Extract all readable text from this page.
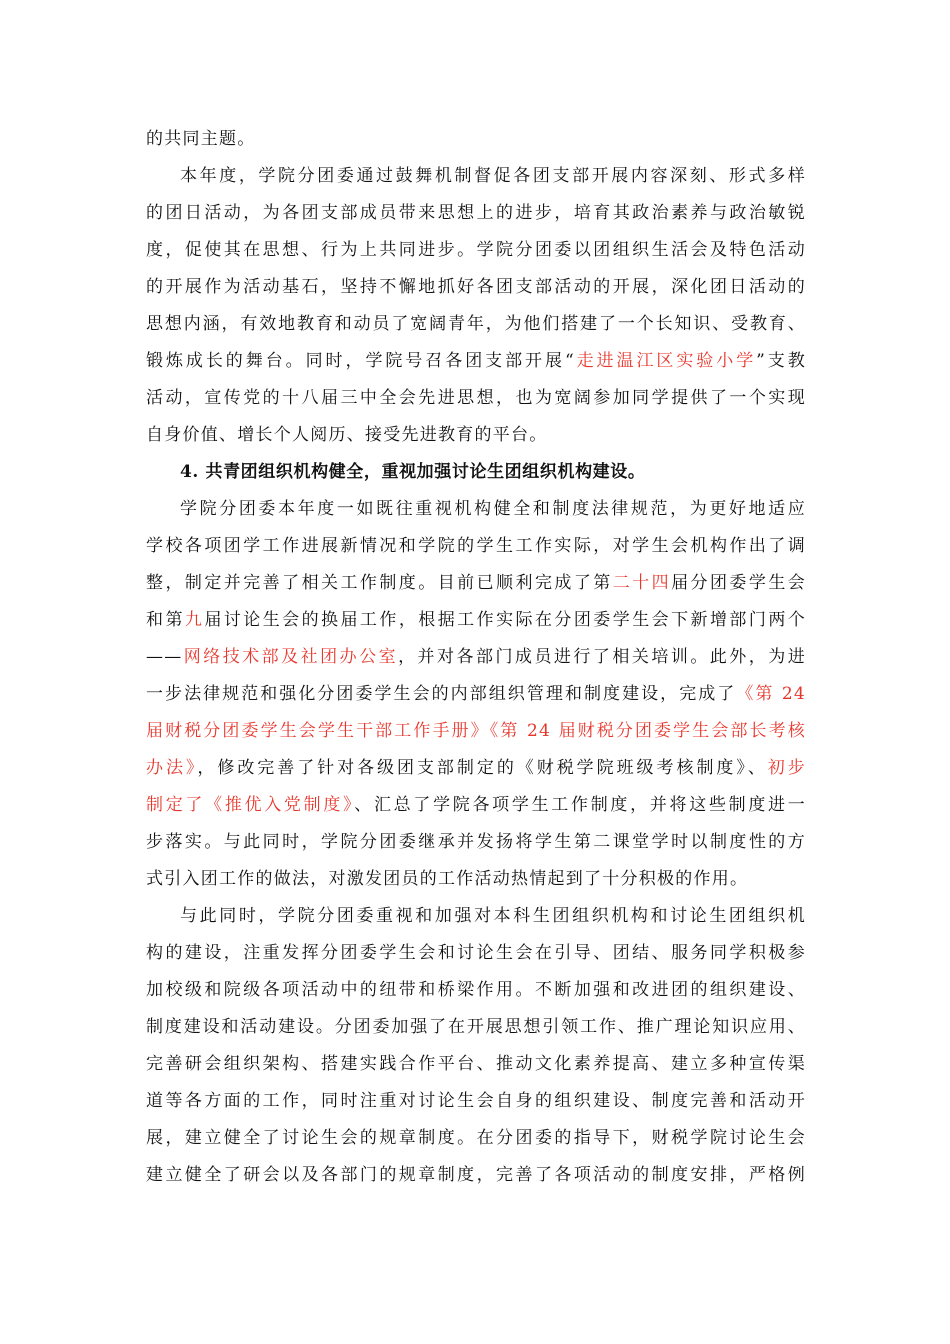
的共同主题。
本年度，学院分团委通过鼓舞机制督促各团支部开展内容深刻、形式多样
的团日活动，为各团支部成员带来思想上的进步，培育其政治素养与政治敏锐
度，促使其在思想、行为上共同进步。学院分团委以团组织生活会及特色活动
的开展作为活动基石，坚持不懈地抓好各团支部活动的开展，深化团日活动的
思想内涵，有效地教育和动员了宽阔青年，为他们搭建了一个长知识、受教育、
锻炼成长的舞台。同时，学院号召各团支部开展“走进温江区实验小学”支教
活动，宣传党的十八届三中全会先进思想，也为宽阔参加同学提供了一个实现
自身价值、增长个人阅历、接受先进教育的平台。
4. 共青团组织机构健全，重视加强讨论生团组织机构建设。
学院分团委本年度一如既往重视机构健全和制度法律规范，为更好地适应
学校各项团学工作进展新情况和学院的学生工作实际，对学生会机构作出了调
整，制定并完善了相关工作制度。目前已顺利完成了第二十四届分团委学生会
和第九届讨论生会的换届工作，根据工作实际在分团委学生会下新增部门两个
——网络技术部及社团办公室，并对各部门成员进行了相关培训。此外，为进
一步法律规范和强化分团委学生会的内部组织管理和制度建设，完成了《第 24
届财税分团委学生会学生干部工作手册》《第 24 届财税分团委学生会部长考核
办法》，修改完善了针对各级团支部制定的《财税学院班级考核制度》、初步
制定了《推优入党制度》、汇总了学院各项学生工作制度，并将这些制度进一
步落实。与此同时，学院分团委继承并发扬将学生第二课堂学时以制度性的方
式引入团工作的做法，对激发团员的工作活动热情起到了十分积极的作用。
与此同时，学院分团委重视和加强对本科生团组织机构和讨论生团组织机
构的建设，注重发挥分团委学生会和讨论生会在引导、团结、服务同学积极参
加校级和院级各项活动中的纽带和桥梁作用。不断加强和改进团的组织建设、
制度建设和活动建设。分团委加强了在开展思想引领工作、推广理论知识应用、
完善研会组织架构、搭建实践合作平台、推动文化素养提高、建立多种宣传渠
道等各方面的工作，同时注重对讨论生会自身的组织建设、制度完善和活动开
展，建立健全了讨论生会的规章制度。在分团委的指导下，财税学院讨论生会
建立健全了研会以及各部门的规章制度，完善了各项活动的制度安排，严格例
